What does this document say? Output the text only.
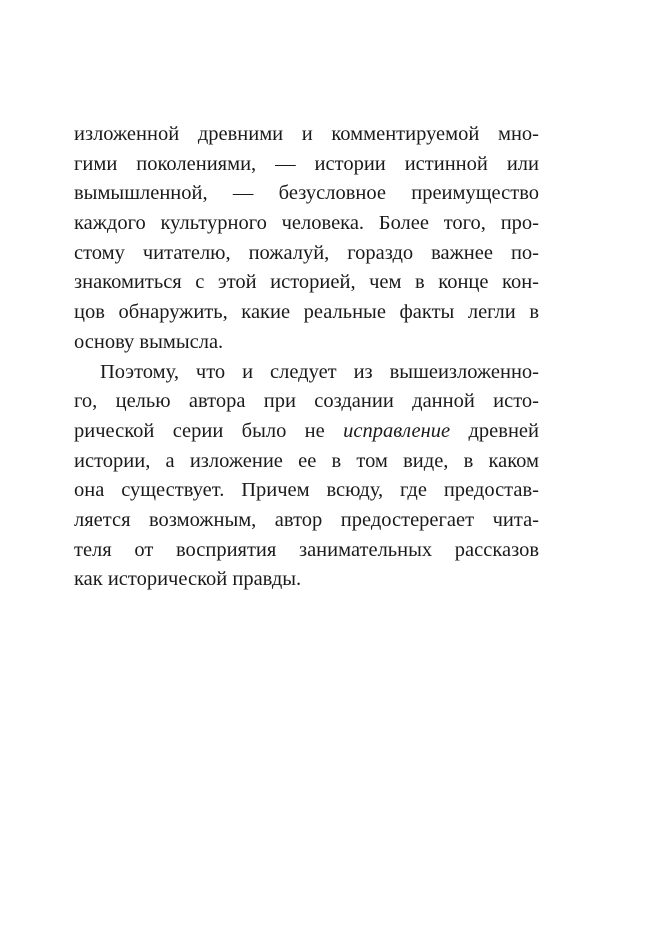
изложенной древними и комментируемой мно-
гими поколениями, — истории истинной или
вымышленной, — безусловное преимущество
каждого культурного человека. Более того, про-
стому читателю, пожалуй, гораздо важнее по-
знакомиться с этой историей, чем в конце кон-
цов обнаружить, какие реальные факты легли в
основу вымысла.
Поэтому, что и следует из вышеизложенно-
го, целью автора при создании данной исто-
рической серии было не исправление древней
истории, а изложение ее в том виде, в каком
она существует. Причем всюду, где предостав-
ляется возможным, автор предостерегает чита-
теля от восприятия занимательных рассказов
как исторической правды.
